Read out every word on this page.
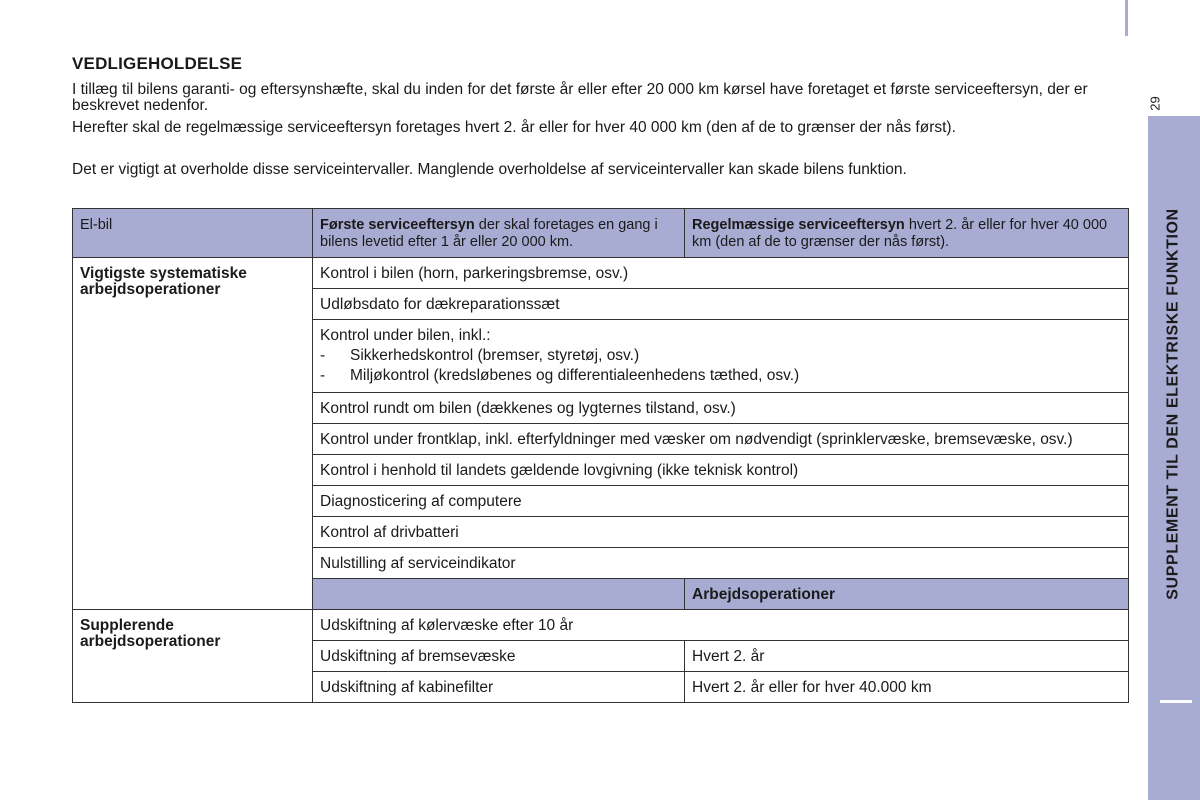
29
SUPPLEMENT TIL DEN ELEKTRISKE FUNKTION
VEDLIGEHOLDELSE
I tillæg til bilens garanti- og eftersynshæfte, skal du inden for det første år eller efter 20 000 km kørsel have foretaget et første serviceeftersyn, der er beskrevet nedenfor.
Herefter skal de regelmæssige serviceeftersyn foretages hvert 2. år eller for hver 40 000 km (den af de to grænser der nås først).
Det er vigtigt at overholde disse serviceintervaller. Manglende overholdelse af serviceintervaller kan skade bilens funktion.
El-bil	Første serviceeftersyn der skal foretages en gang i bilens levetid efter 1 år eller 20 000 km.	Regelmæssige serviceeftersyn hvert 2. år eller for hver 40 000 km (den af de to grænser der nås først).
Vigtigste systematiske arbejdsoperationer	Kontrol i bilen (horn, parkeringsbremse, osv.)	
	Udløbsdato for dækreparationssæt	

	Kontrol under bilen, inkl.:
- Sikkerhedskontrol (bremser, styretøj, osv.)
- Miljøkontrol (kredsløbenes og differentialeenhedens tæthed, osv.)	

	Kontrol rundt om bilen (dækkenes og lygternes tilstand, osv.)	
	Kontrol under frontklap, inkl. efterfyldninger med væsker om nødvendigt (sprinklervæske, bremsevæske, osv.)	
	Kontrol i henhold til landets gældende lovgivning (ikke teknisk kontrol)	
	Diagnosticering af computere	
	Kontrol af drivbatteri	
	Nulstilling af serviceindikator	
		Arbejdsoperationer
Supplerende arbejdsoperationer	Udskiftning af kølervæske efter 10 år	
	Udskiftning af bremsevæske	Hvert 2. år
	Udskiftning af kabinefilter	Hvert 2. år eller for hver 40.000 km
